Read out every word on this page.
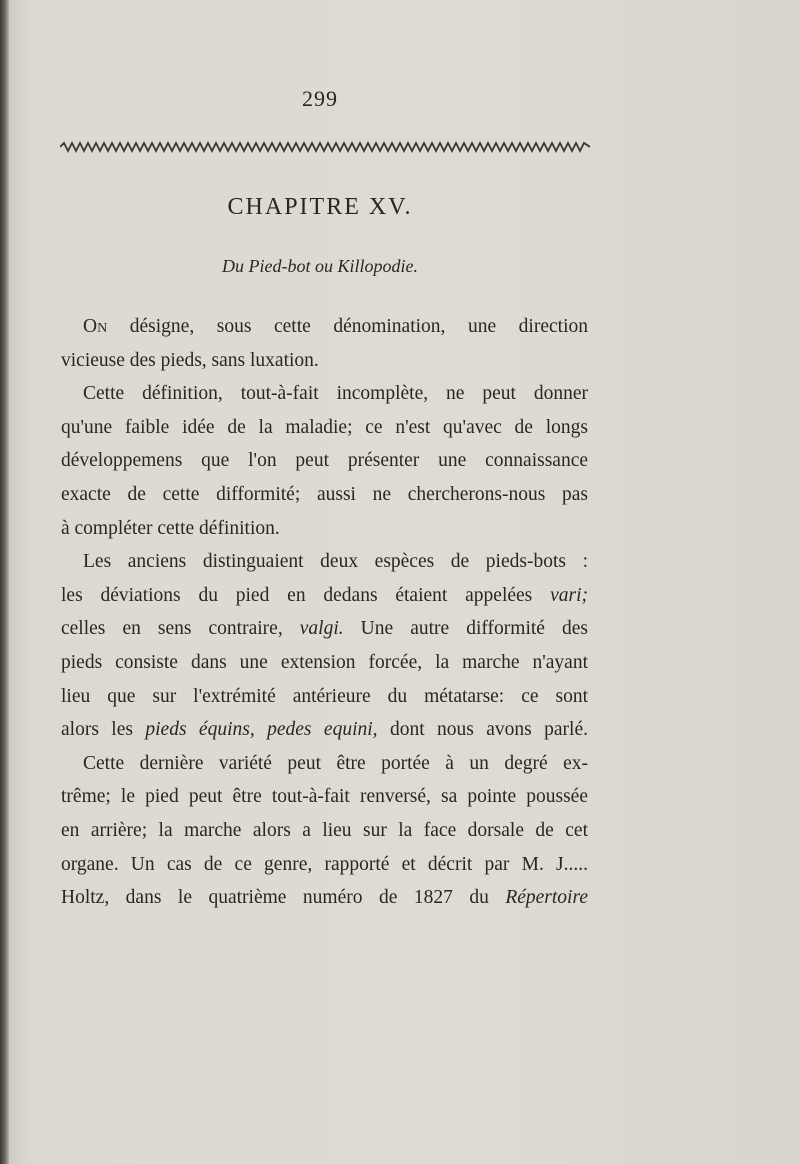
299
CHAPITRE XV.
Du Pied-bot ou Killopodie.
On désigne, sous cette dénomination, une direction
vicieuse des pieds, sans luxation.
Cette définition, tout-à-fait incomplète, ne peut donner
qu'une faible idée de la maladie; ce n'est qu'avec de longs
développemens que l'on peut présenter une connaissance
exacte de cette difformité; aussi ne chercherons-nous pas
à compléter cette définition.
Les anciens distinguaient deux espèces de pieds-bots :
les déviations du pied en dedans étaient appelées vari;
celles en sens contraire, valgi. Une autre difformité des
pieds consiste dans une extension forcée, la marche n'ayant
lieu que sur l'extrémité antérieure du métatarse: ce sont
alors les pieds équins, pedes equini, dont nous avons parlé.
Cette dernière variété peut être portée à un degré ex-
trême; le pied peut être tout-à-fait renversé, sa pointe poussée
en arrière; la marche alors a lieu sur la face dorsale de cet
organe. Un cas de ce genre, rapporté et décrit par M. J.....
Holtz, dans le quatrième numéro de 1827 du Répertoire
